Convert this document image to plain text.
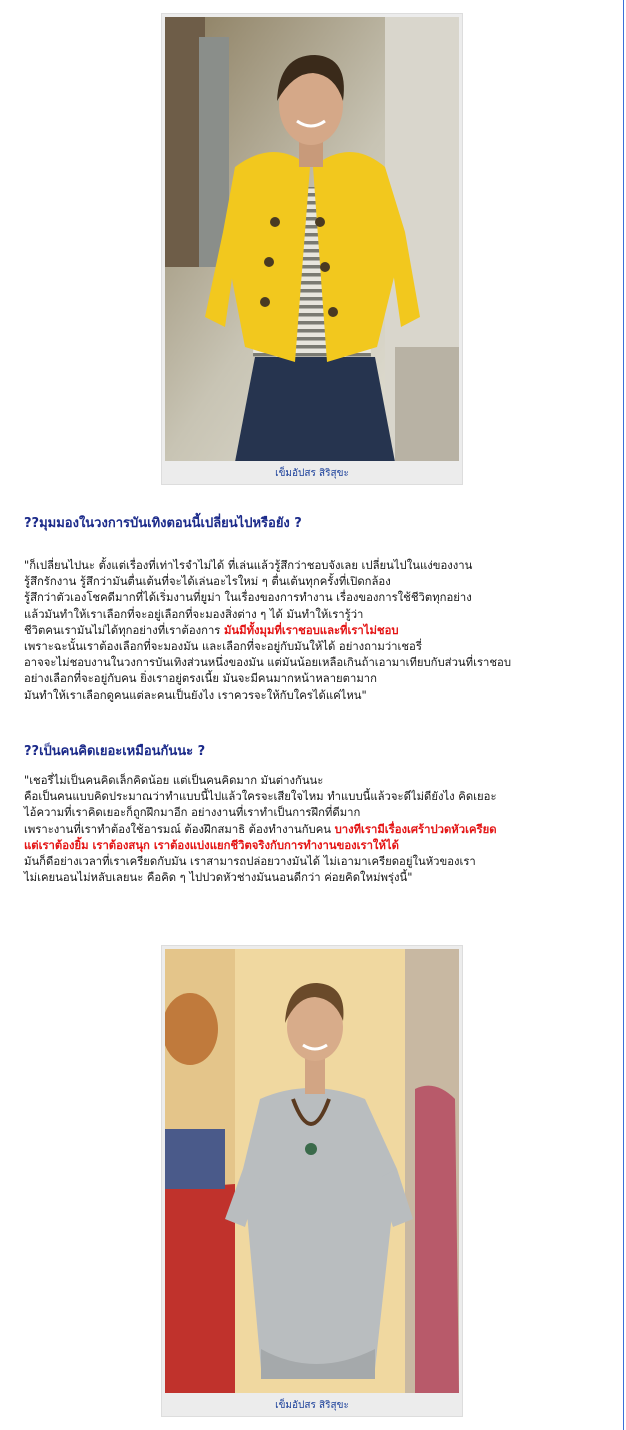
เข็มอัปสร สิริสุขะ
??มุมมองในวงการบันเทิงตอนนี้เปลี่ยนไปหรือยัง ?
"ก็เปลี่ยนไปนะ ตั้งแต่เรื่องที่เท่าไรจำไม่ได้ ที่เล่นแล้วรู้สึกว่าชอบจังเลย เปลี่ยนไปในแง่ของงาน
รู้สึกรักงาน รู้สึกว่ามันตื่นเต้นที่จะได้เล่นอะไรใหม่ ๆ ตื่นเต้นทุกครั้งที่เปิดกล้อง
รู้สึกว่าตัวเองโชคดีมากที่ได้เริ่มงานที่ยูม่า ในเรื่องของการทำงาน เรื่องของการใช้ชีวิตทุกอย่าง
แล้วมันทำให้เราเลือกที่จะอยู่เลือกที่จะมองสิ่งต่าง ๆ ได้ มันทำให้เรารู้ว่า
ชีวิตคนเรามันไม่ได้ทุกอย่างที่เราต้องการ มันมีทั้งมุมที่เราชอบและที่เราไม่ชอบ
เพราะฉะนั้นเราต้องเลือกที่จะมองมัน และเลือกที่จะอยู่กับมันให้ได้ อย่างถามว่าเชอรี่
อาจจะไม่ชอบงานในวงการบันเทิงส่วนหนึ่งของมัน แต่มันน้อยเหลือเกินถ้าเอามาเทียบกับส่วนที่เราชอบ
อย่างเลือกที่จะอยู่กับคน ยิ่งเราอยู่ตรงเนี้ย มันจะมีคนมากหน้าหลายตามาก
มันทำให้เราเลือกดูคนแต่ละคนเป็นยังไง เราควรจะให้กับใครได้แค่ไหน"
??เป็นคนคิดเยอะเหมือนกันนะ ?
"เชอรี่ไม่เป็นคนคิดเล็กคิดน้อย แต่เป็นคนคิดมาก มันต่างกันนะ
คือเป็นคนแบบคิดประมาณว่าทำแบบนี้ไปแล้วใครจะเสียใจไหม ทำแบบนี้แล้วจะดีไม่ดียังไง คิดเยอะ
ไอ้ความที่เราคิดเยอะก็ถูกฝึกมาอีก อย่างงานที่เราทำเป็นการฝึกที่ดีมาก
เพราะงานที่เราทำต้องใช้อารมณ์ ต้องฝึกสมาธิ ต้องทำงานกับคน บางทีเรามีเรื่องเศร้าปวดหัวเครียด
แต่เราต้องยิ้ม เราต้องสนุก เราต้องแบ่งแยกชีวิตจริงกับการทำงานของเราให้ได้
มันก็ดีอย่างเวลาที่เราเครียดกับมัน เราสามารถปล่อยวางมันได้ ไม่เอามาเครียดอยู่ในหัวของเรา
ไม่เคยนอนไม่หลับเลยนะ คือคิด ๆ ไปปวดหัวช่างมันนอนดีกว่า ค่อยคิดใหม่พรุ่งนี้"
เข็มอัปสร สิริสุขะ
